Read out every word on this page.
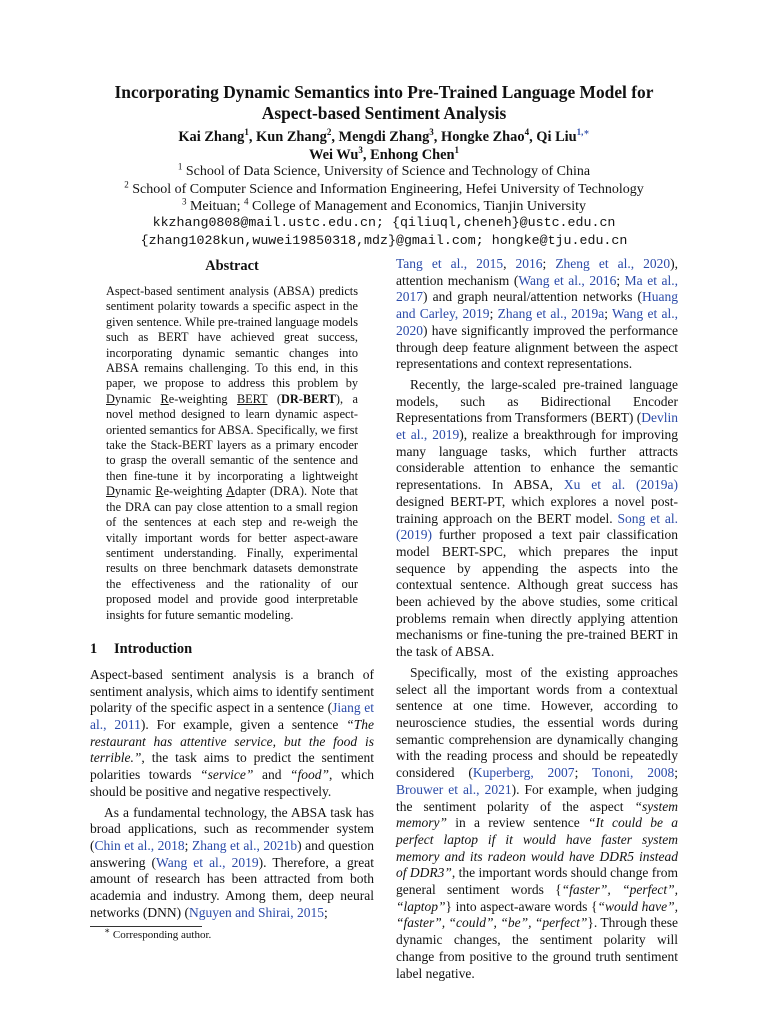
Incorporating Dynamic Semantics into Pre-Trained Language Model for
Aspect-based Sentiment Analysis
Kai Zhang$^1$, Kun Zhang$^2$, Mengdi Zhang$^3$, Hongke Zhao$^4$, Qi Liu$^{1,∗}$
Wei Wu$^3$, Enhong Chen$^1$
$^1$ School of Data Science, University of Science and Technology of China
$^2$ School of Computer Science and Information Engineering, Hefei University of Technology
$^3$ Meituan; $^4$ College of Management and Economics, Tianjin University
kkzhang0808@mail.ustc.edu.cn; {qiliuql,cheneh}@ustc.edu.cn
{zhang1028kun,wuwei19850318,mdz}@gmail.com; hongke@tju.edu.cn
Abstract

Aspect-based sentiment analysis (ABSA) predicts sentiment polarity towards a specific aspect in the given sentence. While pre-trained language models such as BERT have achieved great success, incorporating dynamic semantic changes into ABSA remains challenging. To this end, in this paper, we propose to address this problem by Dynamic Re-weighting BERT (DR-BERT), a novel method designed to learn dynamic aspect-oriented semantics for ABSA. Specifically, we first take the Stack-BERT layers as a primary encoder to grasp the overall semantic of the sentence and then fine-tune it by incorporating a lightweight Dynamic Re-weighting Adapter (DRA). Note that the DRA can pay close attention to a small region of the sentences at each step and re-weigh the vitally important words for better aspect-aware sentiment understanding. Finally, experimental results on three benchmark datasets demonstrate the effectiveness and the rationality of our proposed model and provide good interpretable insights for future semantic modeling.

1 Introduction

Aspect-based sentiment analysis is a branch of sentiment analysis, which aims to identify sentiment polarity of the specific aspect in a sentence (Jiang et al., 2011). For example, given a sentence “The restaurant has attentive service, but the food is terrible.”, the task aims to predict the sentiment polarities towards “service” and “food”, which should be positive and negative respectively.

As a fundamental technology, the ABSA task has broad applications, such as recommender system (Chin et al., 2018; Zhang et al., 2021b) and question answering (Wang et al., 2019). Therefore, a great amount of research has been attracted from both academia and industry. Among them, deep neural networks (DNN) (Nguyen and Shirai, 2015;

Tang et al., 2015, 2016; Zheng et al., 2020), attention mechanism (Wang et al., 2016; Ma et al., 2017) and graph neural/attention networks (Huang and Carley, 2019; Zhang et al., 2019a; Wang et al., 2020) have significantly improved the performance through deep feature alignment between the aspect representations and context representations.

Recently, the large-scaled pre-trained language models, such as Bidirectional Encoder Representations from Transformers (BERT) (Devlin et al., 2019), realize a breakthrough for improving many language tasks, which further attracts considerable attention to enhance the semantic representations. In ABSA, Xu et al. (2019a) designed BERT-PT, which explores a novel post-training approach on the BERT model. Song et al. (2019) further proposed a text pair classification model BERT-SPC, which prepares the input sequence by appending the aspects into the contextual sentence. Although great success has been achieved by the above studies, some critical problems remain when directly applying attention mechanisms or fine-tuning the pre-trained BERT in the task of ABSA.

Specifically, most of the existing approaches select all the important words from a contextual sentence at one time. However, according to neuroscience studies, the essential words during semantic comprehension are dynamically changing with the reading process and should be repeatedly considered (Kuperberg, 2007; Tononi, 2008; Brouwer et al., 2021). For example, when judging the sentiment polarity of the aspect “system memory” in a review sentence “It could be a perfect laptop if it would have faster system memory and its radeon would have DDR5 instead of DDR3”, the important words should change from general sentiment words {“faster”, “perfect”, “laptop”} into aspect-aware words {“would have”, “faster”, “could”, “be”, “perfect”}. Through these dynamic changes, the sentiment polarity will change from positive to the ground truth sentiment label negative.

∗ Corresponding author.
